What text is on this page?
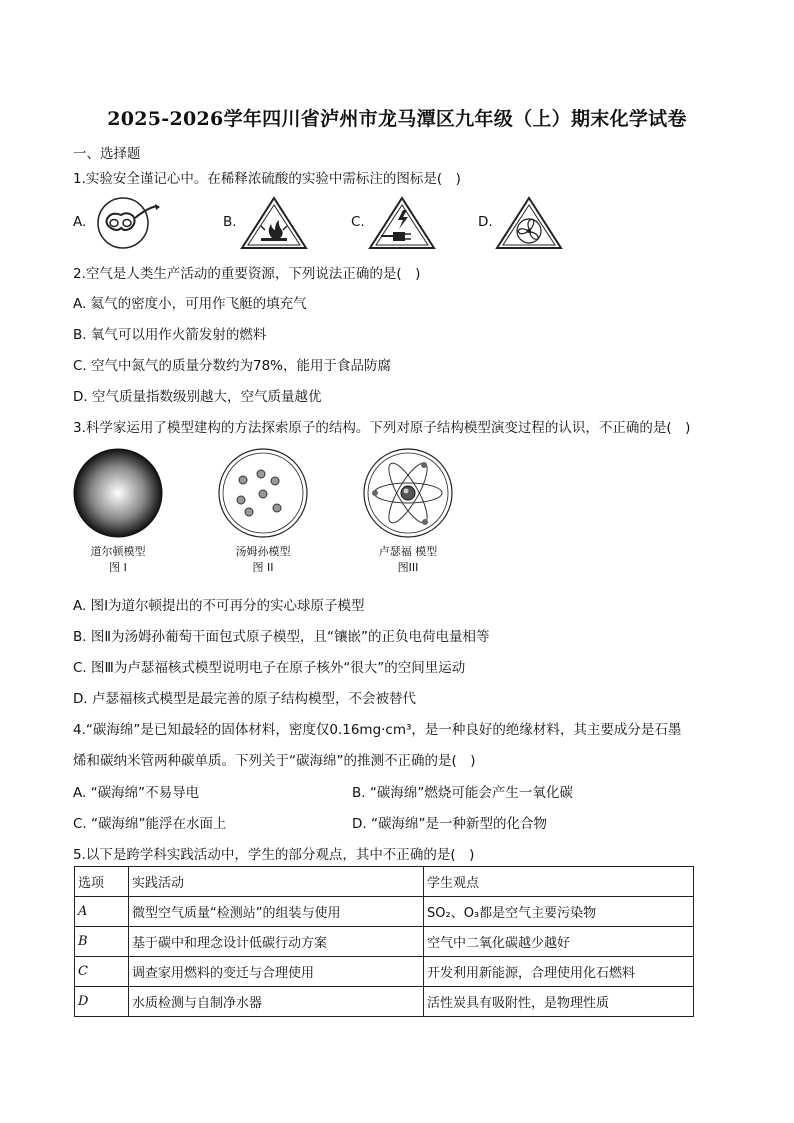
2025-2026学年四川省泸州市龙马潭区九年级（上）期末化学试卷
一、选择题
1.实验安全谨记心中。在稀释浓硫酸的实验中需标注的图标是(　)
A.	B.	C.	D.
2.空气是人类生产活动的重要资源，下列说法正确的是(　)
A. 氦气的密度小，可用作飞艇的填充气
B. 氧气可以用作火箭发射的燃料
C. 空气中氮气的质量分数约为78%，能用于食品防腐
D. 空气质量指数级别越大，空气质量越优
3.科学家运用了模型建构的方法探索原子的结构。下列对原子结构模型演变过程的认识，不正确的是(　)
道尔顿模型
图 I
汤姆孙模型
图 II
卢瑟福 模型
图III
A. 图Ⅰ为道尔顿提出的不可再分的实心球原子模型
B. 图Ⅱ为汤姆孙葡萄干面包式原子模型，且“镶嵌”的正负电荷电量相等
C. 图Ⅲ为卢瑟福核式模型说明电子在原子核外“很大”的空间里运动
D. 卢瑟福核式模型是最完善的原子结构模型，不会被替代
4.“碳海绵”是已知最轻的固体材料，密度仅0.16mg·cm³，是一种良好的绝缘材料，其主要成分是石墨
烯和碳纳米管两种碳单质。下列关于“碳海绵”的推测不正确的是(　)
A. “碳海绵”不易导电	B. “碳海绵”燃烧可能会产生一氧化碳
C. “碳海绵”能浮在水面上	D. “碳海绵”是一种新型的化合物
5.以下是跨学科实践活动中，学生的部分观点，其中不正确的是(　)
选项	实践活动	学生观点
A	微型空气质量“检测站”的组装与使用	SO₂、O₃都是空气主要污染物
B	基于碳中和理念设计低碳行动方案	空气中二氧化碳越少越好
C	调查家用燃料的变迁与合理使用	开发利用新能源，合理使用化石燃料
D	水质检测与自制净水器	活性炭具有吸附性，是物理性质
